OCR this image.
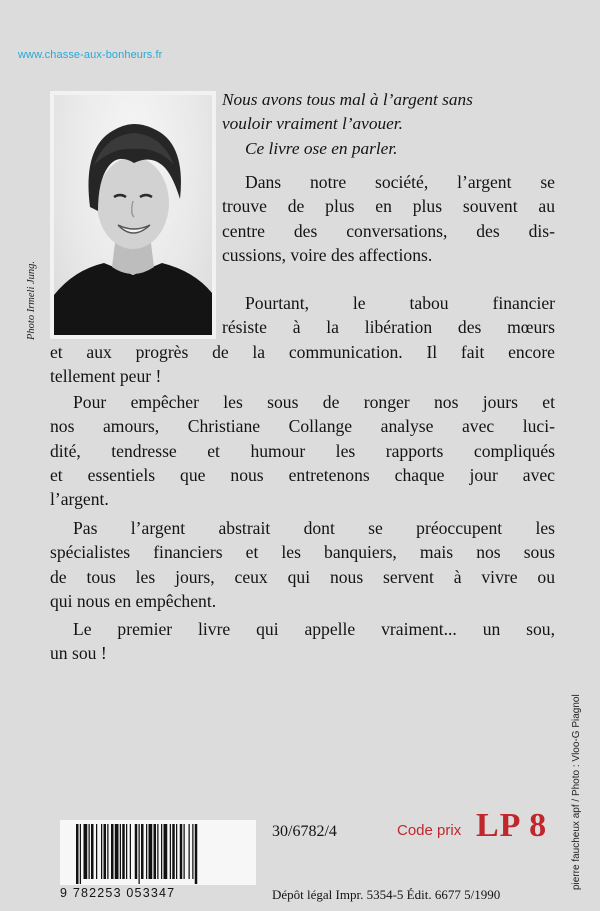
www.chasse-aux-bonheurs.fr
Photo Irmeli Jung.
Nous avons tous mal à l’argent sans
vouloir vraiment l’avouer.
Ce livre ose en parler.
Dans notre société, l’argent se
trouve de plus en plus souvent au
centre des conversations, des dis-
cussions, voire des affections.
Pourtant, le tabou financier
résiste à la libération des mœurs
et aux progrès de la communication. Il fait encore
tellement peur !
Pour empêcher les sous de ronger nos jours et
nos amours, Christiane Collange analyse avec luci-
dité, tendresse et humour les rapports compliqués
et essentiels que nous entretenons chaque jour avec
l’argent.
Pas l’argent abstrait dont se préoccupent les
spécialistes financiers et les banquiers, mais nos sous
de tous les jours, ceux qui nous servent à vivre ou
qui nous en empêchent.
Le premier livre qui appelle vraiment... un sou,
un sou !
pierre faucheux apf / Photo : Vloo-G Piagnol
9 782253 053347
30/6782/4	Code prix LP 8
Dépôt légal Impr. 5354-5 Édit. 6677 5/1990
